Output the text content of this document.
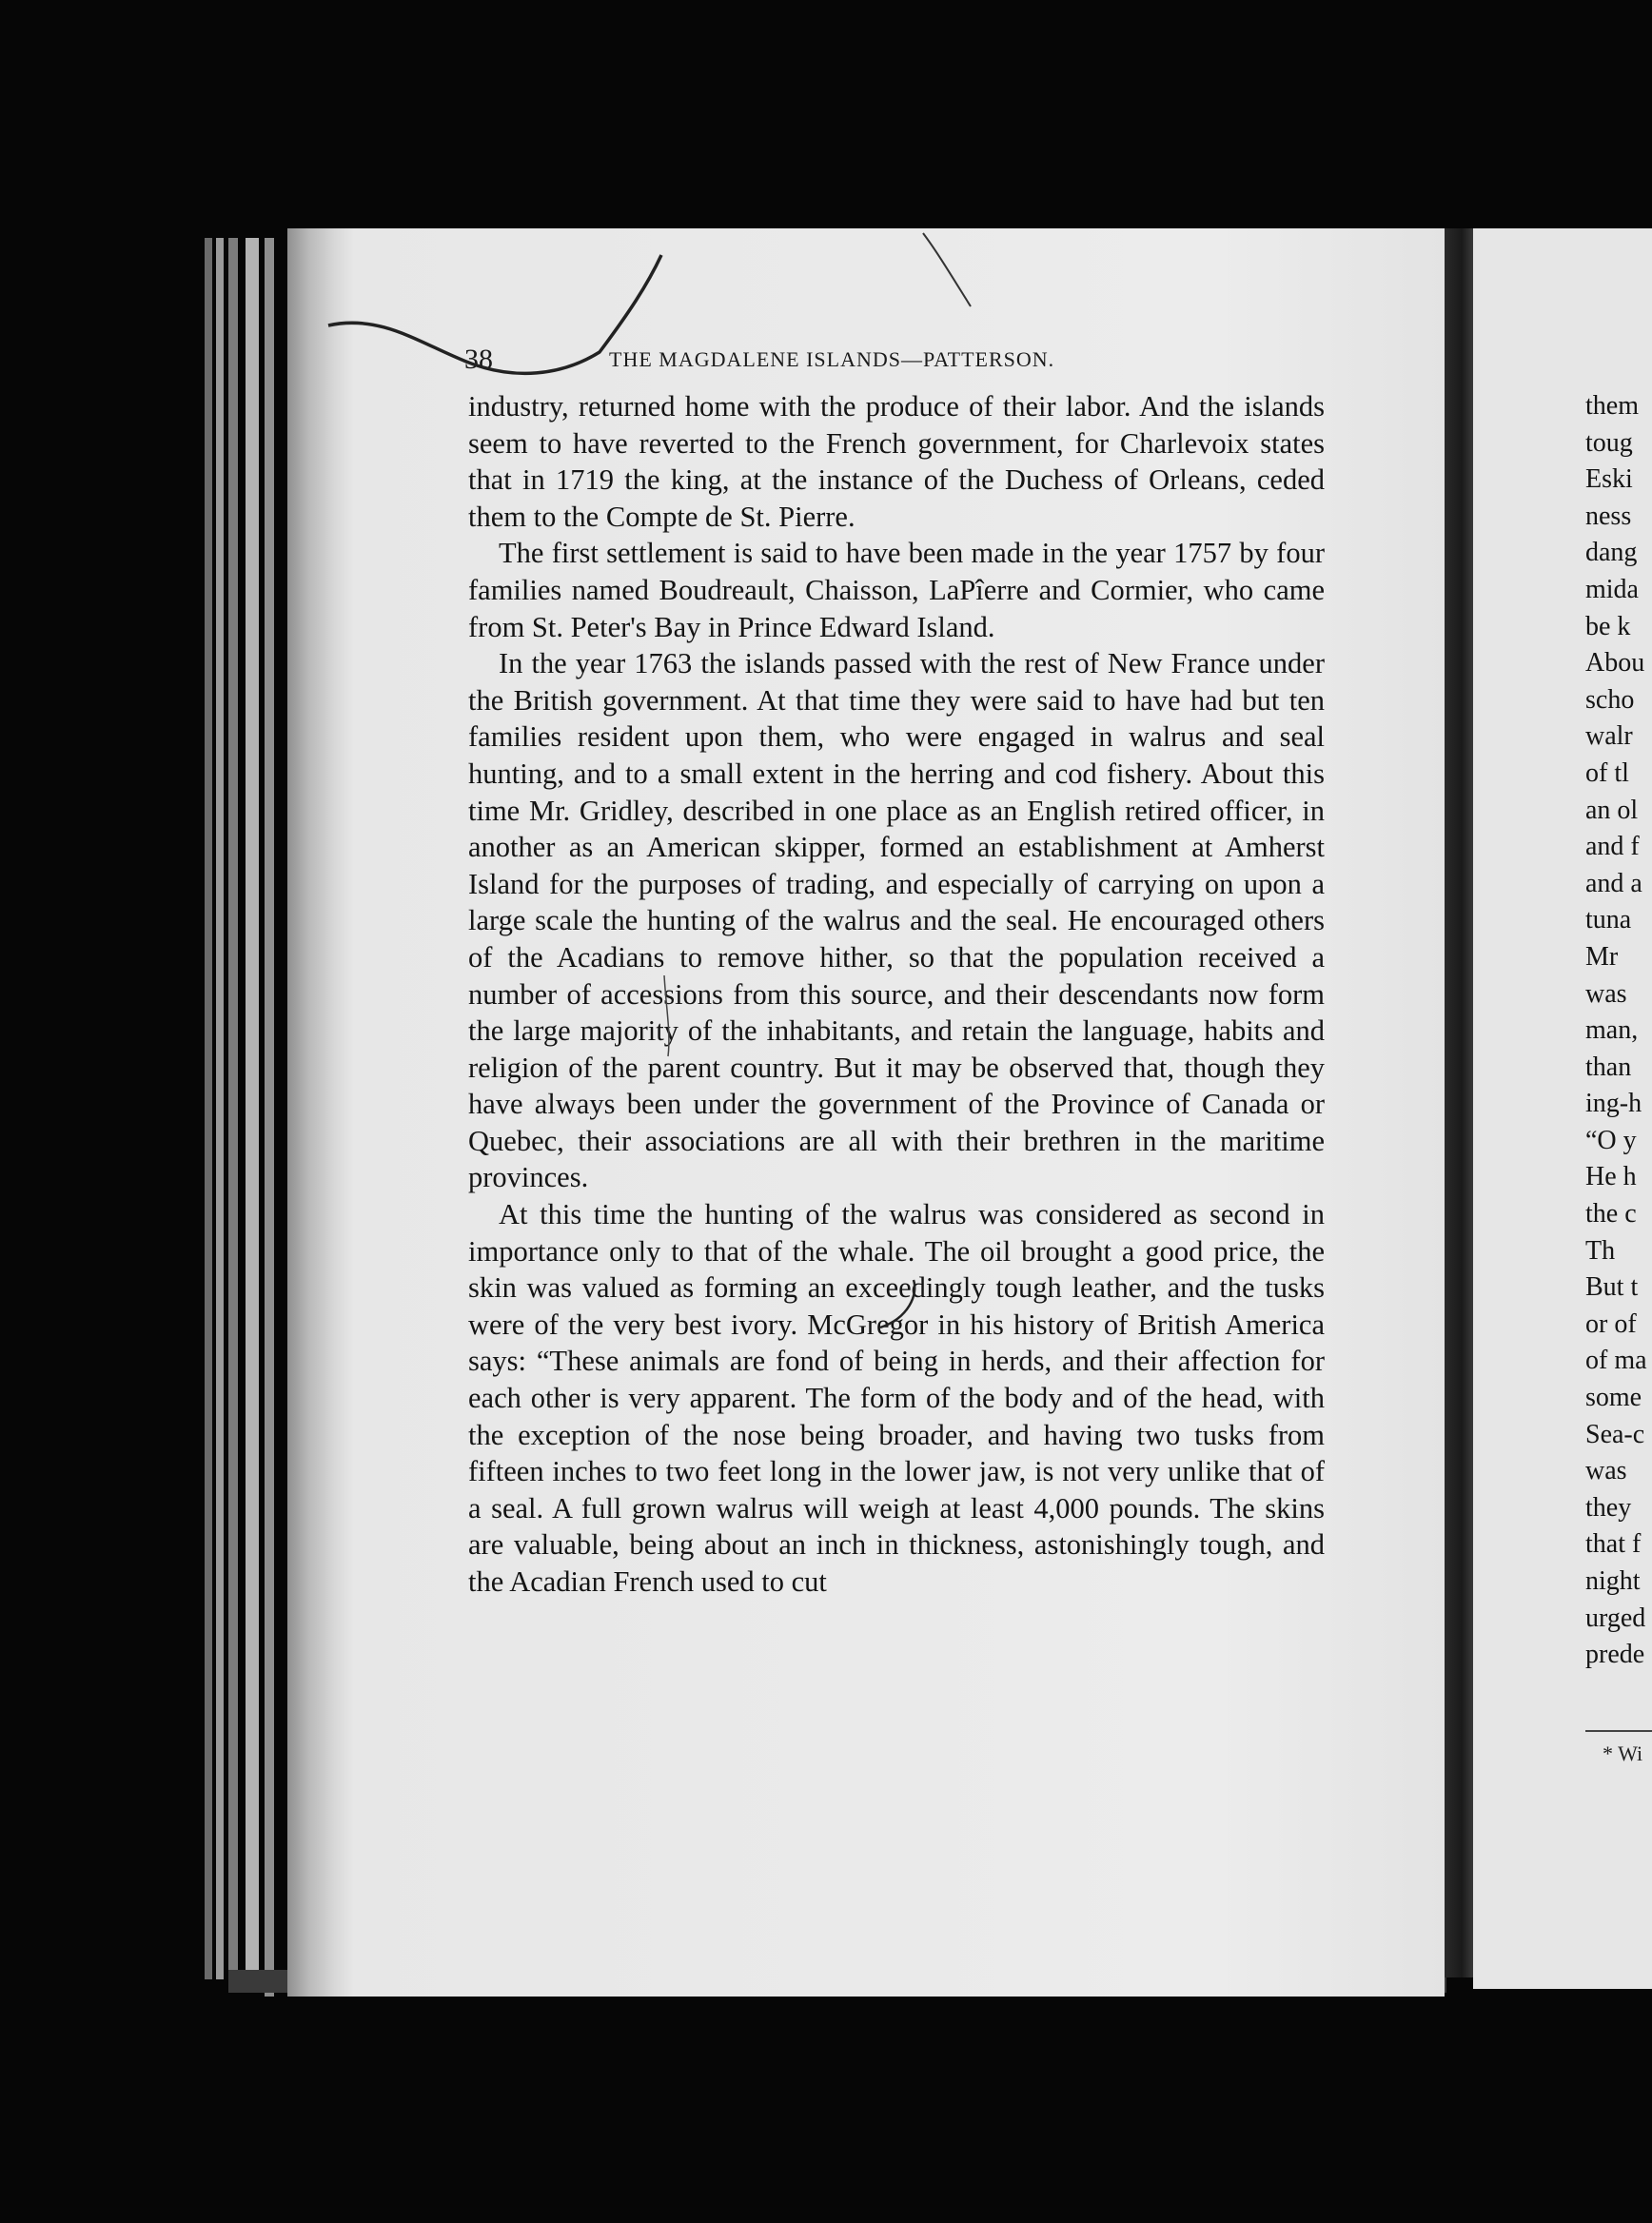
38	THE MAGDALENE ISLANDS—PATTERSON.

industry, returned home with the produce of their labor. And the islands seem to have reverted to the French government, for Charlevoix states that in 1719 the king, at the instance of the Duchess of Orleans, ceded them to the Compte de St. Pierre.

The first settlement is said to have been made in the year 1757 by four families named Boudreault, Chaisson, LaPîerre and Cormier, who came from St. Peter's Bay in Prince Edward Island.

In the year 1763 the islands passed with the rest of New France under the British government. At that time they were said to have had but ten families resident upon them, who were engaged in walrus and seal hunting, and to a small extent in the herring and cod fishery. About this time Mr. Gridley, described in one place as an English retired officer, in another as an American skipper, formed an establishment at Amherst Island for the purposes of trading, and especially of carrying on upon a large scale the hunting of the walrus and the seal. He encouraged others of the Acadians to remove hither, so that the population received a number of accessions from this source, and their descendants now form the large majority of the inhabitants, and retain the language, habits and religion of the parent country. But it may be observed that, though they have always been under the government of the Province of Canada or Quebec, their associations are all with their brethren in the maritime provinces.

At this time the hunting of the walrus was considered as second in importance only to that of the whale. The oil brought a good price, the skin was valued as forming an exceedingly tough leather, and the tusks were of the very best ivory. McGregor in his history of British America says: “These animals are fond of being in herds, and their affection for each other is very apparent. The form of the body and of the head, with the exception of the nose being broader, and having two tusks from fifteen inches to two feet long in the lower jaw, is not very unlike that of a seal. A full grown walrus will weigh at least 4,000 pounds. The skins are valuable, being about an inch in thickness, astonishingly tough, and the Acadian French used to cut

them
toug
Eski
ness
dang
mida
be k
Abou
scho
walr
of tl
an ol
and f
and a
tuna
Mr
was
man,
than
ing-h
“O y
He h
the c
Th
But t
or of
of ma
some
Sea-c
was
they
that f
night
urged
prede
* Wi
